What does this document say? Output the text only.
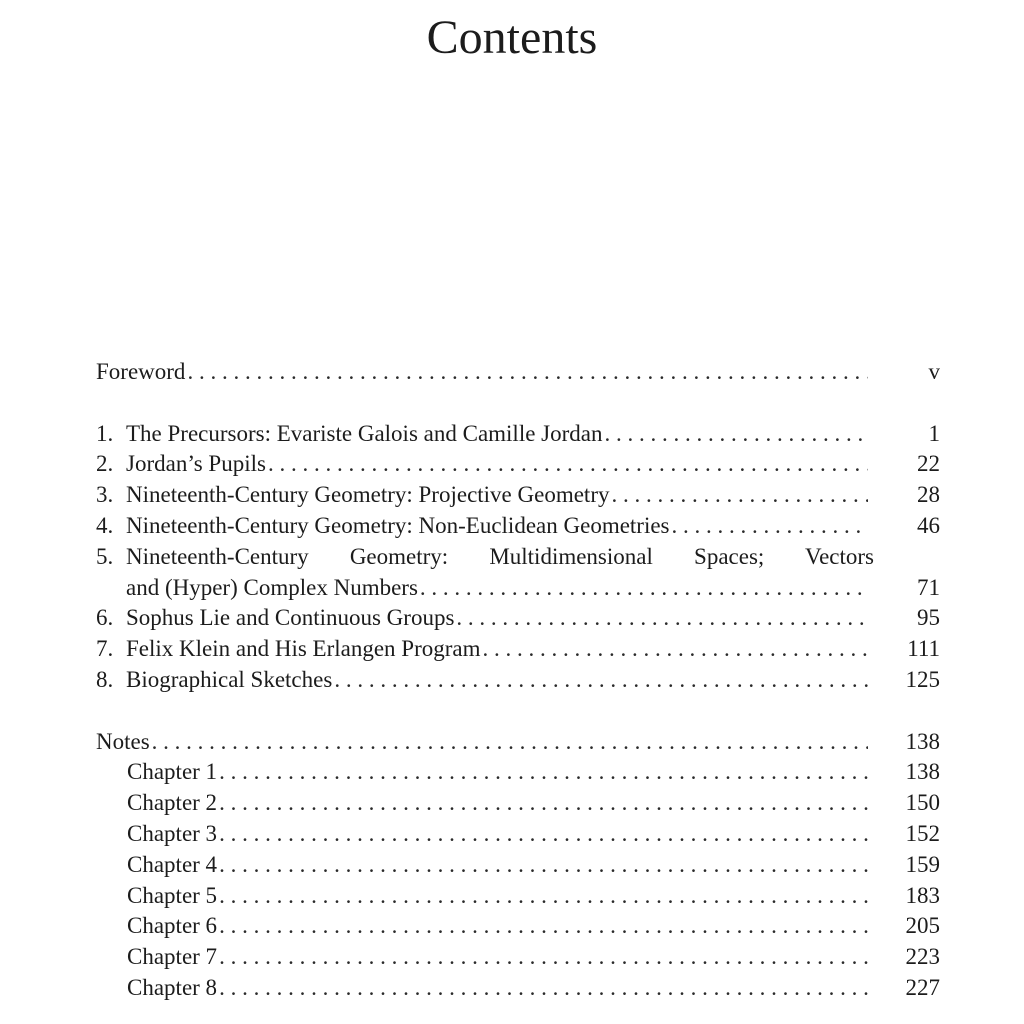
Contents
Foreword . . .	v
1. The Precursors: Evariste Galois and Camille Jordan . . .	1
2. Jordan’s Pupils . . .	22
3. Nineteenth-Century Geometry: Projective Geometry . . .	28
4. Nineteenth-Century Geometry: Non-Euclidean Geometries . . .	46
5. Nineteenth-Century Geometry: Multidimensional Spaces; Vectors
and (Hyper) Complex Numbers . . .	71
6. Sophus Lie and Continuous Groups . . .	95
7. Felix Klein and His Erlangen Program . . .	111
8. Biographical Sketches . . .	125
Notes . . .	138
Chapter 1 . . .	138
Chapter 2 . . .	150
Chapter 3 . . .	152
Chapter 4 . . .	159
Chapter 5 . . .	183
Chapter 6 . . .	205
Chapter 7 . . .	223
Chapter 8 . . .	227
